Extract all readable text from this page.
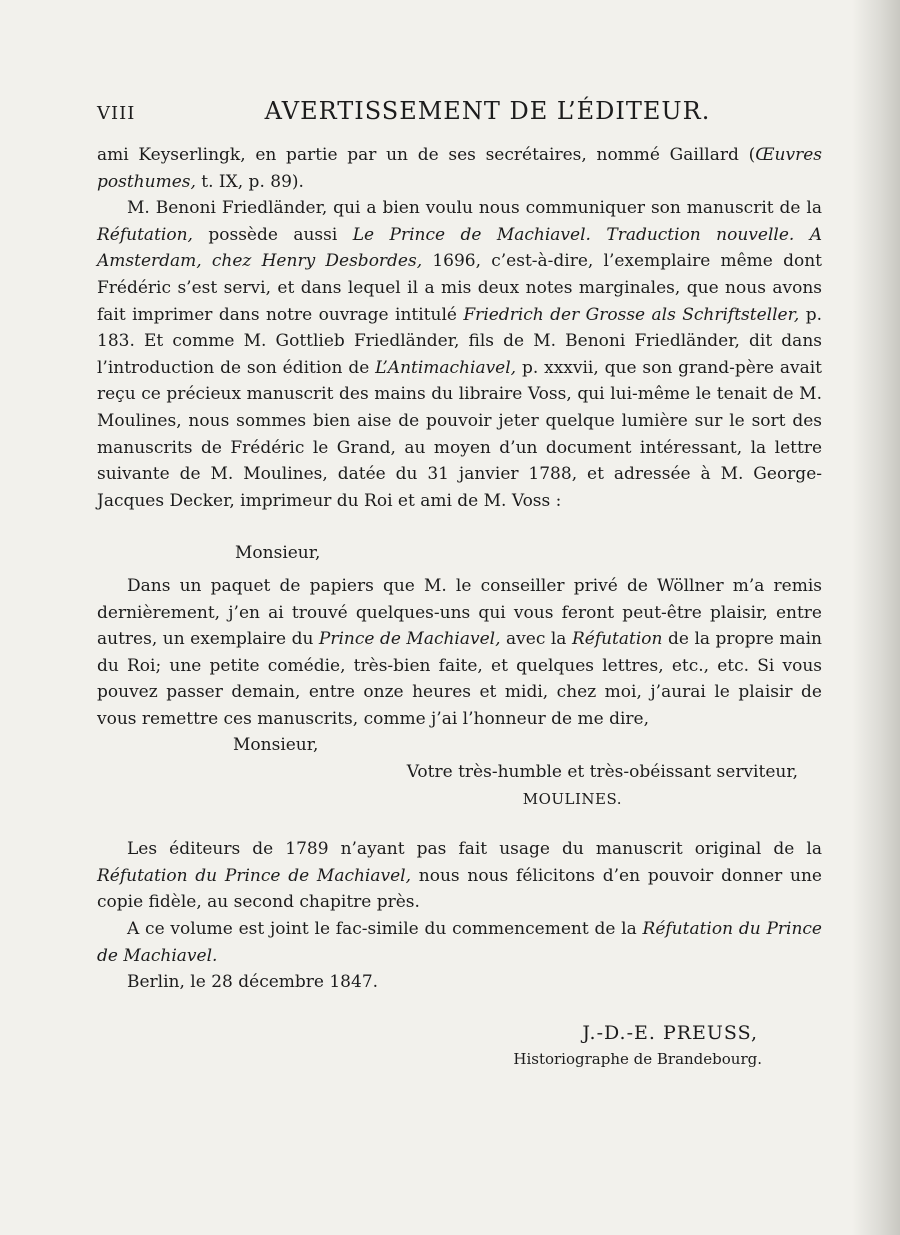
VIII	AVERTISSEMENT DE L’ÉDITEUR.

ami Keyserlingk, en partie par un de ses secrétaires, nommé Gaillard (Œuvres posthumes, t. IX, p. 89).

M. Benoni Friedländer, qui a bien voulu nous communiquer son manuscrit de la Réfutation, possède aussi Le Prince de Machiavel. Traduction nouvelle. A Amsterdam, chez Henry Desbordes, 1696, c’est-à-dire, l’exemplaire même dont Frédéric s’est servi, et dans lequel il a mis deux notes marginales, que nous avons fait imprimer dans notre ouvrage intitulé Friedrich der Grosse als Schriftsteller, p. 183. Et comme M. Gottlieb Friedländer, fils de M. Benoni Friedländer, dit dans l’introduction de son édition de L’Antimachiavel, p. xxxvii, que son grand-père avait reçu ce précieux manuscrit des mains du libraire Voss, qui lui-même le tenait de M. Moulines, nous sommes bien aise de pouvoir jeter quelque lumière sur le sort des manuscrits de Frédéric le Grand, au moyen d’un document intéressant, la lettre suivante de M. Moulines, datée du 31 janvier 1788, et adressée à M. George-Jacques Decker, imprimeur du Roi et ami de M. Voss :

Monsieur,

Dans un paquet de papiers que M. le conseiller privé de Wöllner m’a remis dernièrement, j’en ai trouvé quelques-uns qui vous feront peut-être plaisir, entre autres, un exemplaire du Prince de Machiavel, avec la Réfutation de la propre main du Roi; une petite comédie, très-bien faite, et quelques lettres, etc., etc. Si vous pouvez passer demain, entre onze heures et midi, chez moi, j’aurai le plaisir de vous remettre ces manuscrits, comme j’ai l’honneur de me dire,

Monsieur,

Votre très-humble et très-obéissant serviteur,

MOULINES.

Les éditeurs de 1789 n’ayant pas fait usage du manuscrit original de la Réfutation du Prince de Machiavel, nous nous félicitons d’en pouvoir donner une copie fidèle, au second chapitre près.

A ce volume est joint le fac-simile du commencement de la Réfutation du Prince de Machiavel.

Berlin, le 28 décembre 1847.

J.-D.-E. PREUSS,

Historiographe de Brandebourg.
